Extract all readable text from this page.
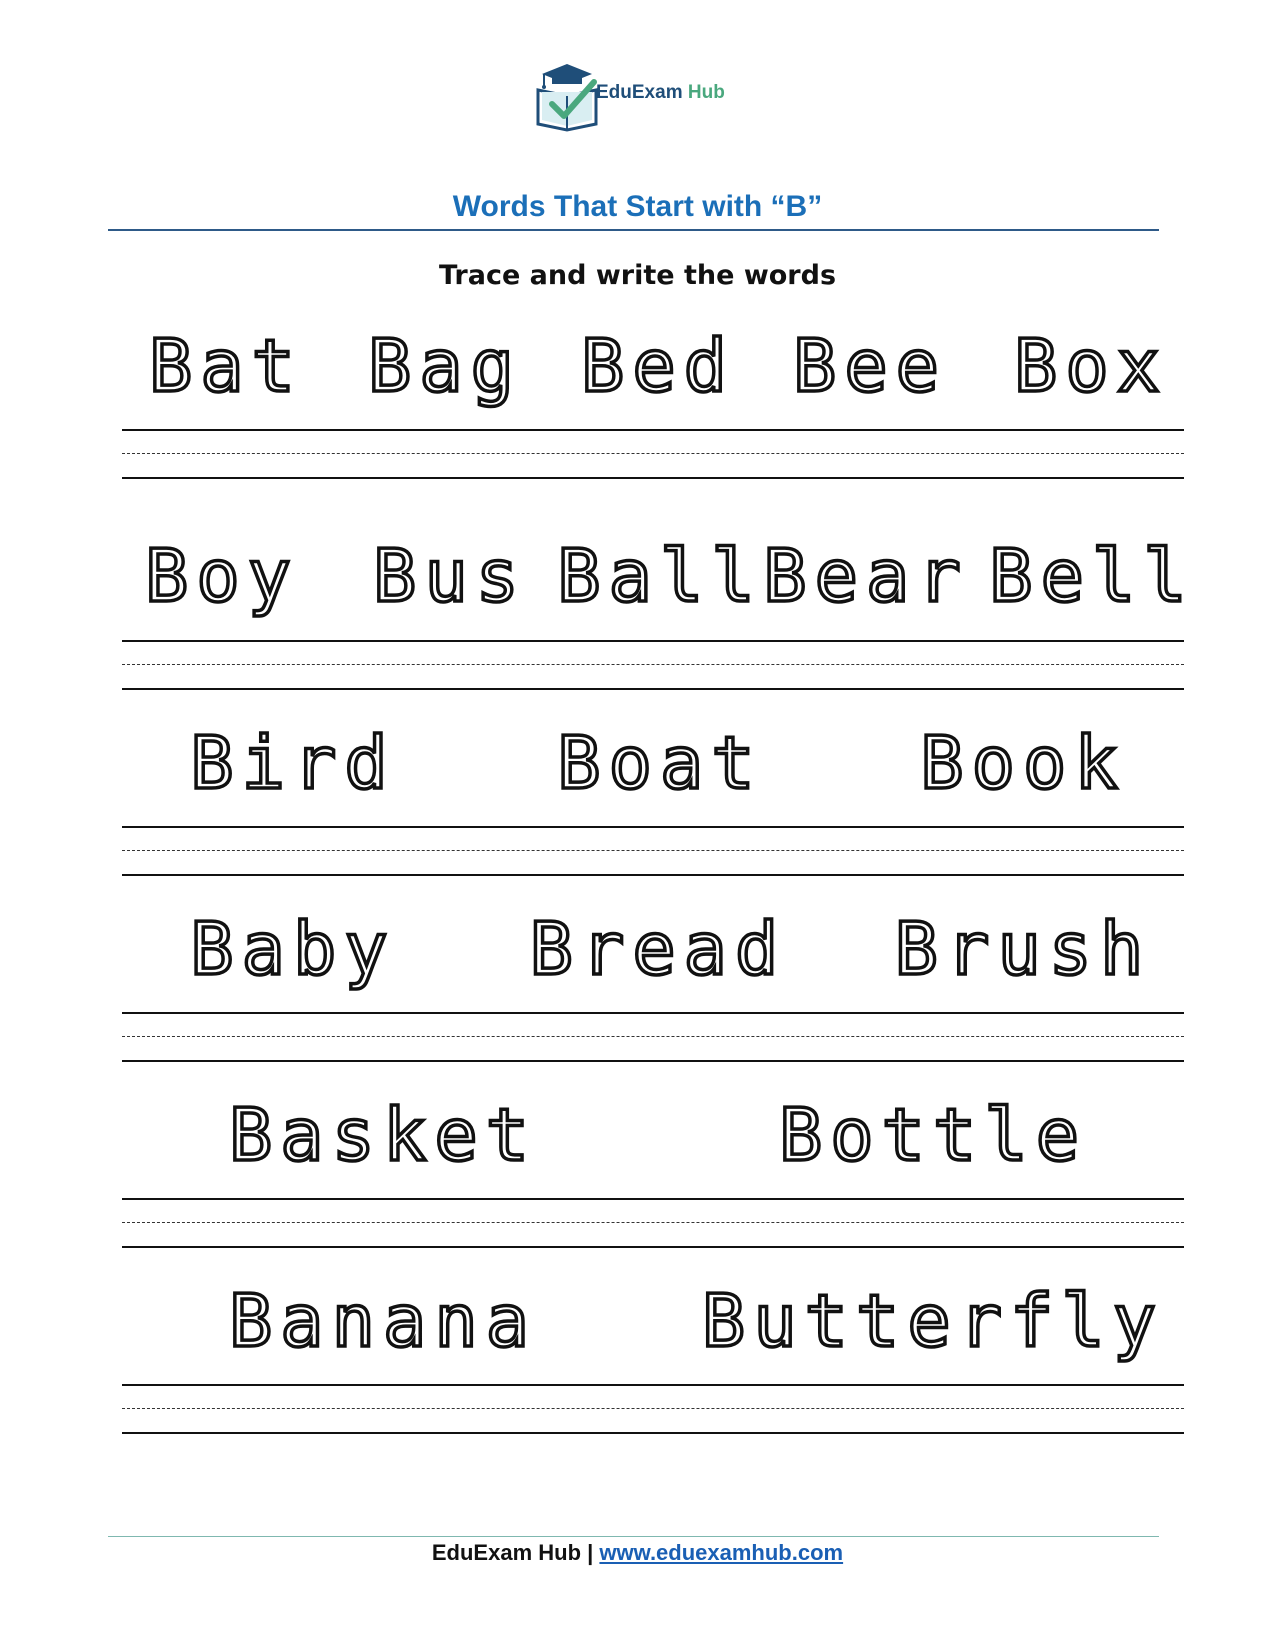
EduExam Hub
Words That Start with “B”
Trace and write the words
Bat Bag Bed Bee Box
Boy Bus Ball Bear Bell
Bird Boat Book
Baby Bread Brush
Basket	Bottle
Banana Butterfly
EduExam Hub | www.eduexamhub.com
